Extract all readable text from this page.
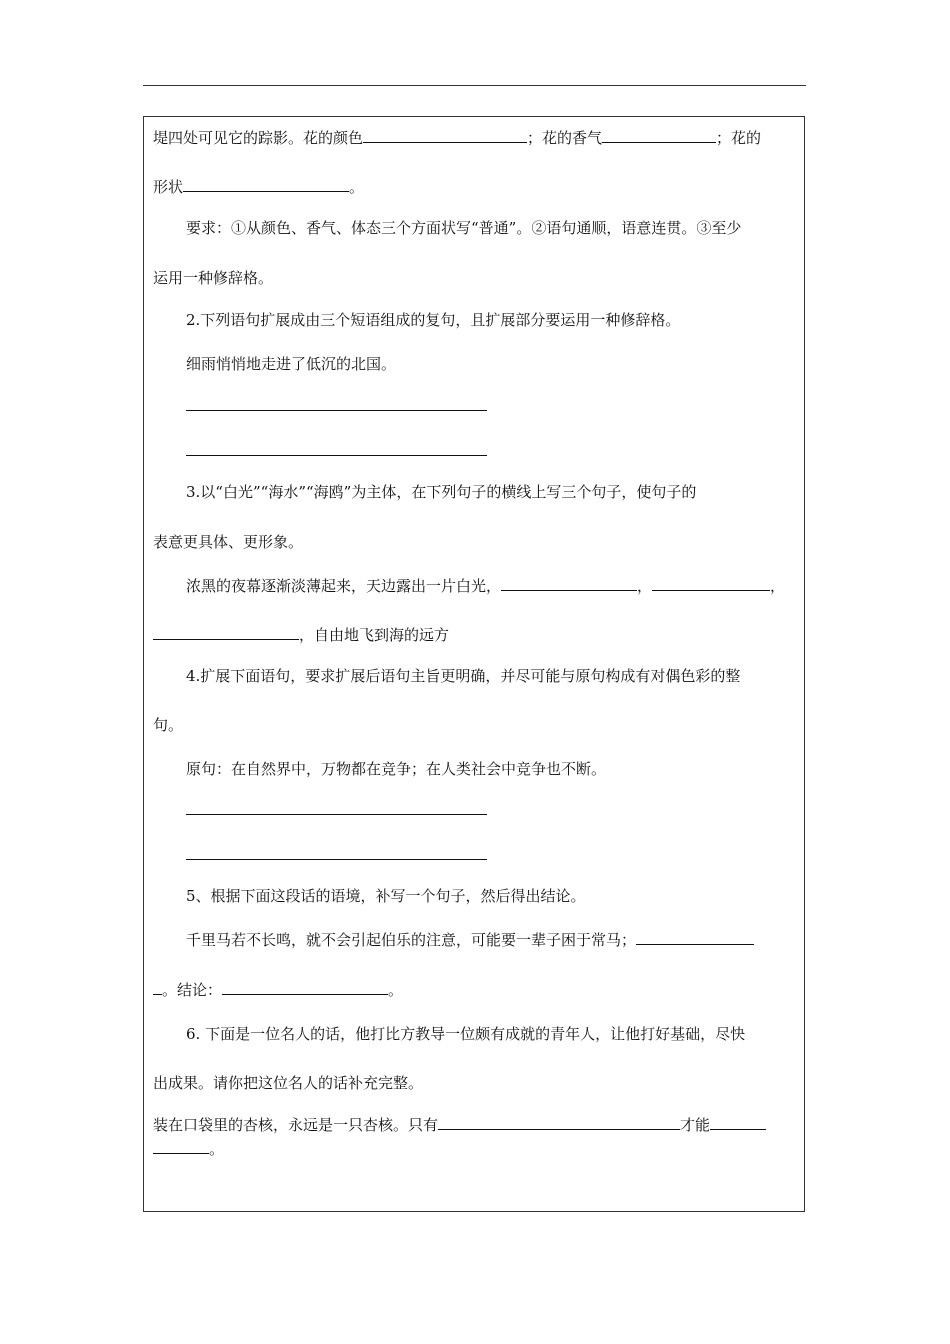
堤四处可见它的踪影。花的颜色	；花的香气	；花的
形状	。
要求：①从颜色、香气、体态三个方面状写“普通”。②语句通顺，语意连贯。③至少
运用一种修辞格。
2.下列语句扩展成由三个短语组成的复句，且扩展部分要运用一种修辞格。
细雨悄悄地走进了低沉的北国。
3.以“白光”“海水”“海鸥”为主体，在下列句子的横线上写三个句子，使句子的
表意更具体、更形象。
浓黑的夜幕逐渐淡薄起来，天边露出一片白光，	，	，
，自由地飞到海的远方
4.扩展下面语句，要求扩展后语句主旨更明确，并尽可能与原句构成有对偶色彩的整
句。
原句：在自然界中，万物都在竞争；在人类社会中竞争也不断。
5、根据下面这段话的语境，补写一个句子，然后得出结论。
千里马若不长鸣，就不会引起伯乐的注意，可能要一辈子困于常马；
。结论：	。
6. 下面是一位名人的话，他打比方教导一位颇有成就的青年人，让他打好基础，尽快
出成果。请你把这位名人的话补充完整。
装在口袋里的杏核，永远是一只杏核。只有	才能
。
